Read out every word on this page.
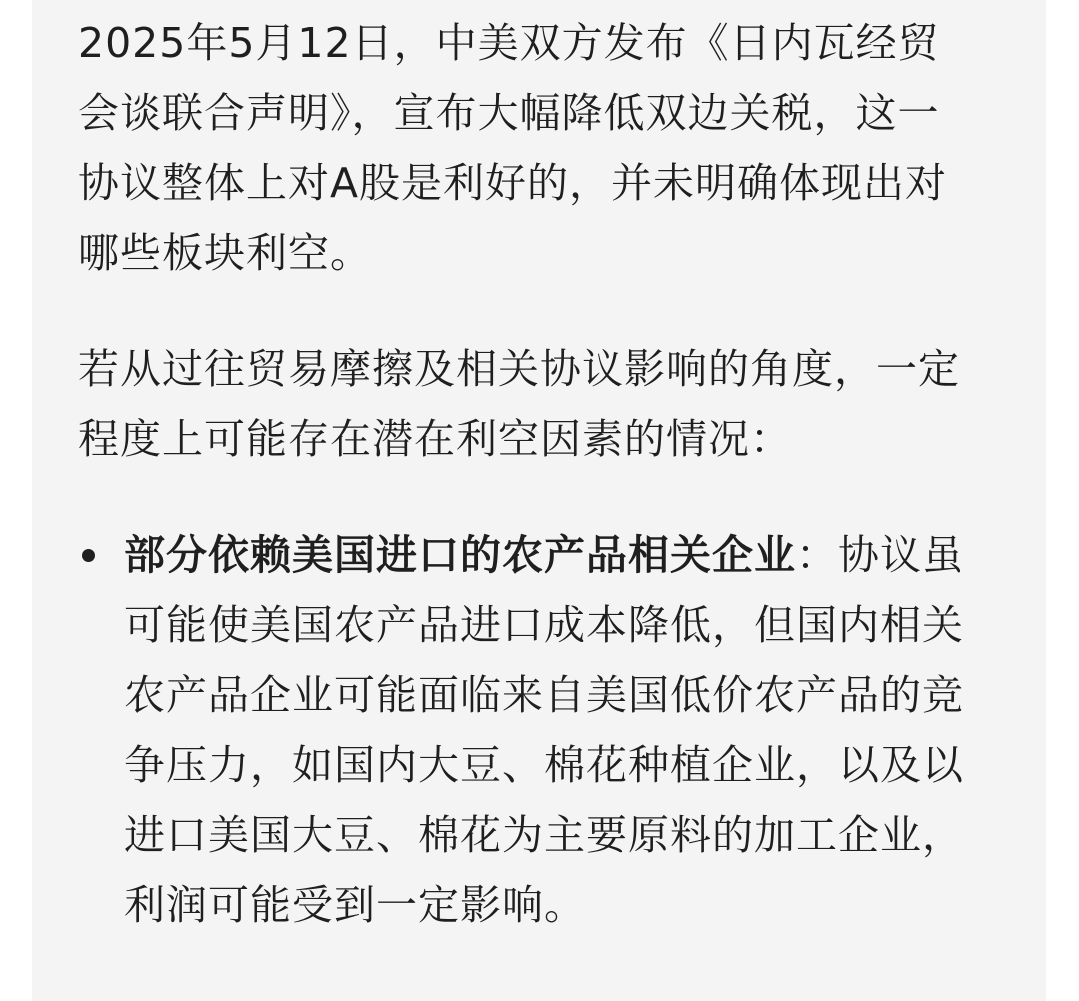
2025年5月12日，中美双方发布《日内瓦经贸会谈联合声明》，宣布大幅降低双边关税，这一协议整体上对A股是利好的，并未明确体现出对哪些板块利空。

若从过往贸易摩擦及相关协议影响的角度，一定程度上可能存在潜在利空因素的情况：

部分依赖美国进口的农产品相关企业：协议虽可能使美国农产品进口成本降低，但国内相关农产品企业可能面临来自美国低价农产品的竞争压力，如国内大豆、棉花种植企业，以及以进口美国大豆、棉花为主要原料的加工企业，利润可能受到一定影响。
